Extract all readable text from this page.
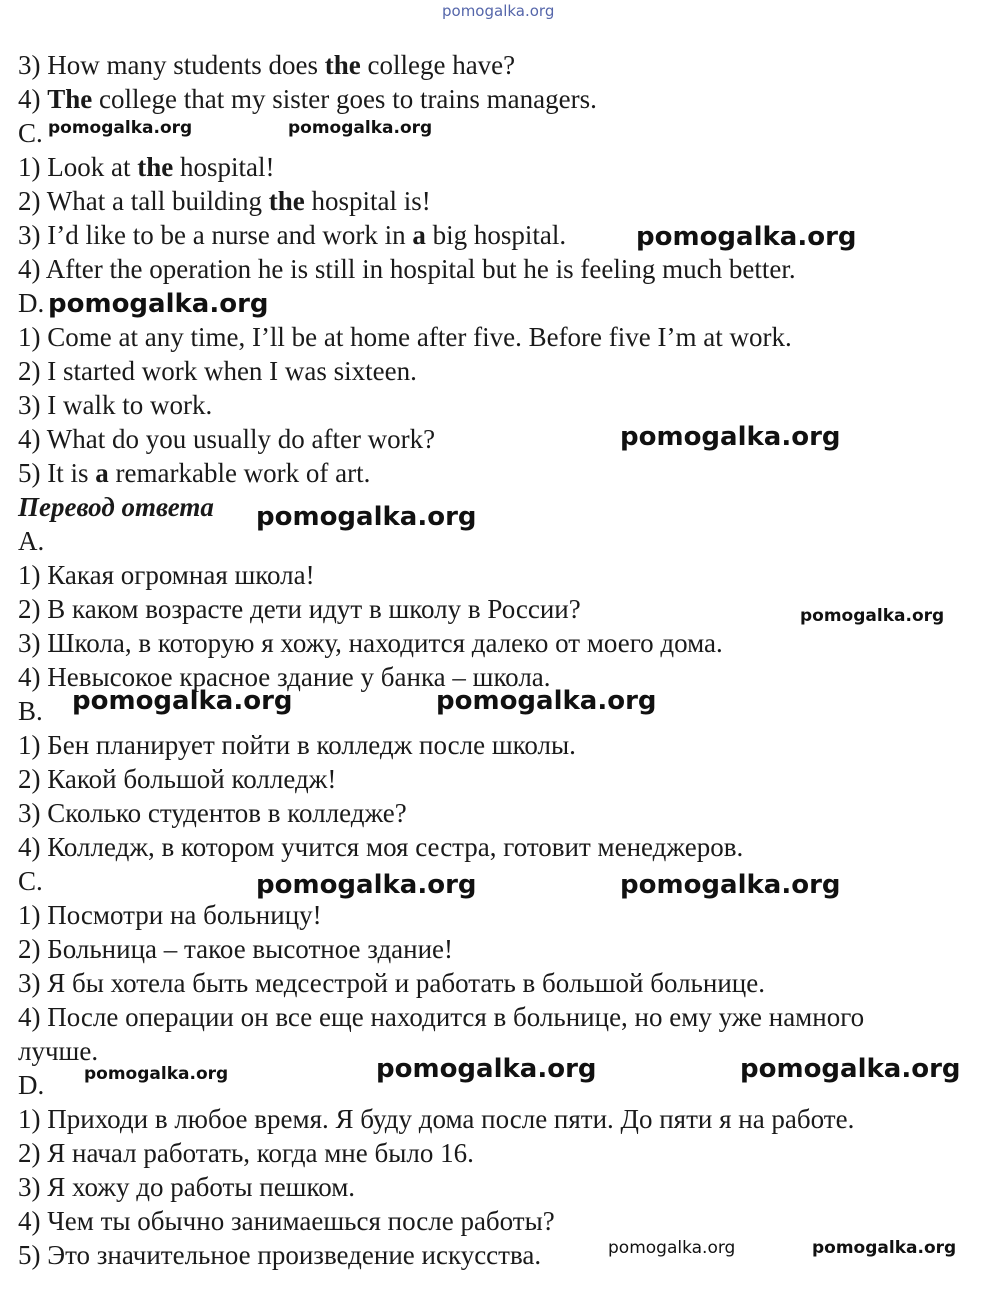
pomogalka.org
3) How many students does the college have?
4) The college that my sister goes to trains managers.
C.
1) Look at the hospital!
2) What a tall building the hospital is!
3) I’d like to be a nurse and work in a big hospital.
4) After the operation he is still in hospital but he is feeling much better.
D.
1) Come at any time, I’ll be at home after five. Before five I’m at work.
2) I started work when I was sixteen.
3) I walk to work.
4) What do you usually do after work?
5) It is a remarkable work of art.
Перевод ответа
A.
1) Какая огромная школа!
2) В каком возрасте дети идут в школу в России?
3) Школа, в которую я хожу, находится далеко от моего дома.
4) Невысокое красное здание у банка – школа.
B.
1) Бен планирует пойти в колледж после школы.
2) Какой большой колледж!
3) Сколько студентов в колледже?
4) Колледж, в котором учится моя сестра, готовит менеджеров.
C.
1) Посмотри на больницу!
2) Больница – такое высотное здание!
3) Я бы хотела быть медсестрой и работать в большой больнице.
4) После операции он все еще находится в больнице, но ему уже намного
лучше.
D.
1) Приходи в любое время. Я буду дома после пяти. До пяти я на работе.
2) Я начал работать, когда мне было 16.
3) Я хожу до работы пешком.
4) Чем ты обычно занимаешься после работы?
5) Это значительное произведение искусства.
pomogalka.org	pomogalka.org
pomogalka.org
pomogalka.org
pomogalka.org
pomogalka.org
pomogalka.org
pomogalka.org	pomogalka.org
pomogalka.org	pomogalka.org
pomogalka.org	pomogalka.org	pomogalka.org
pomogalka.org	pomogalka.org
